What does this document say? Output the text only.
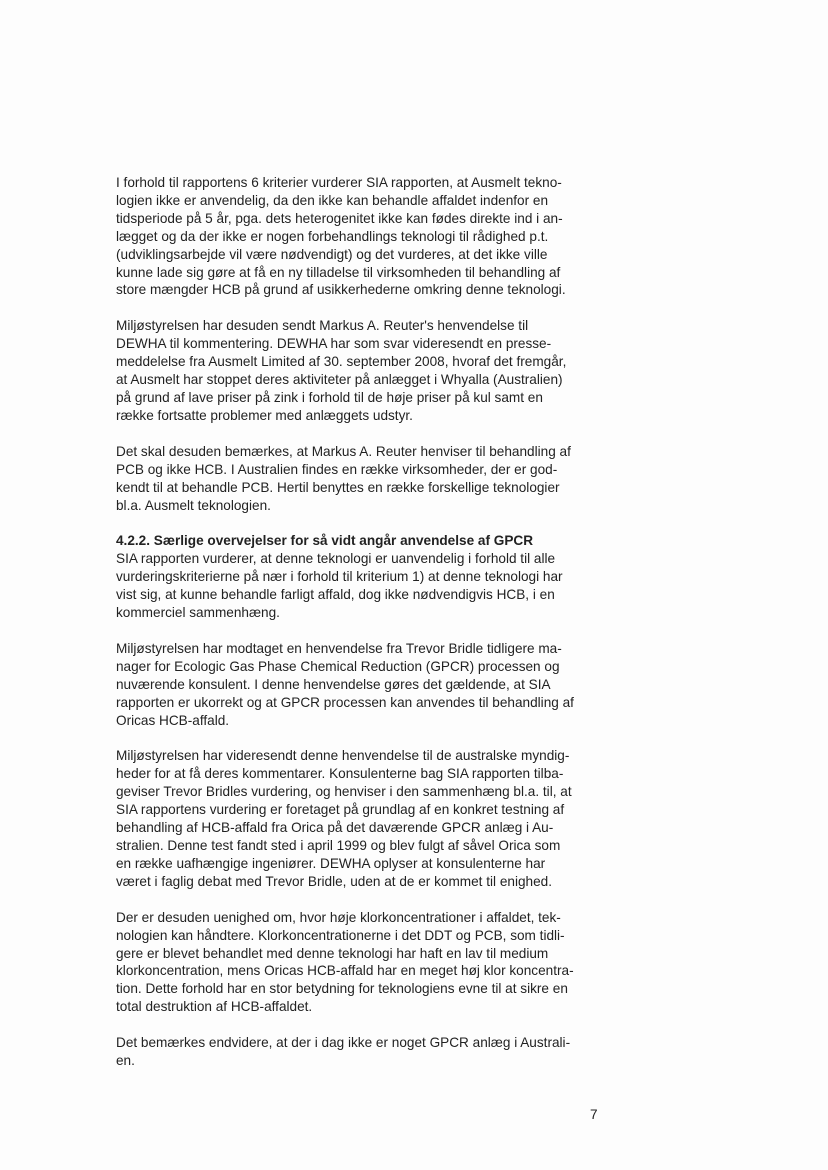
I forhold til rapportens 6 kriterier vurderer SIA rapporten, at Ausmelt tekno-
logien ikke er anvendelig, da den ikke kan behandle affaldet indenfor en
tidsperiode på 5 år, pga. dets heterogenitet ikke kan fødes direkte ind i an-
lægget og da der ikke er nogen forbehandlings teknologi til rådighed p.t.
(udviklingsarbejde vil være nødvendigt) og det vurderes, at det ikke ville
kunne lade sig gøre at få en ny tilladelse til virksomheden til behandling af
store mængder HCB på grund af usikkerhederne omkring denne teknologi.
Miljøstyrelsen har desuden sendt Markus A. Reuter's henvendelse til
DEWHA til kommentering. DEWHA har som svar videresendt en presse-
meddelelse fra Ausmelt Limited af 30. september 2008, hvoraf det fremgår,
at Ausmelt har stoppet deres aktiviteter på anlægget i Whyalla (Australien)
på grund af lave priser på zink i forhold til de høje priser på kul samt en
række fortsatte problemer med anlæggets udstyr.
Det skal desuden bemærkes, at Markus A. Reuter henviser til behandling af
PCB og ikke HCB. I Australien findes en række virksomheder, der er god-
kendt til at behandle PCB. Hertil benyttes en række forskellige teknologier
bl.a. Ausmelt teknologien.
4.2.2. Særlige overvejelser for så vidt angår anvendelse af GPCR
SIA rapporten vurderer, at denne teknologi er uanvendelig i forhold til alle
vurderingskriterierne på nær i forhold til kriterium 1) at denne teknologi har
vist sig, at kunne behandle farligt affald, dog ikke nødvendigvis HCB, i en
kommerciel sammenhæng.
Miljøstyrelsen har modtaget en henvendelse fra Trevor Bridle tidligere ma-
nager for Ecologic Gas Phase Chemical Reduction (GPCR) processen og
nuværende konsulent. I denne henvendelse gøres det gældende, at SIA
rapporten er ukorrekt og at GPCR processen kan anvendes til behandling af
Oricas HCB-affald.
Miljøstyrelsen har videresendt denne henvendelse til de australske myndig-
heder for at få deres kommentarer. Konsulenterne bag SIA rapporten tilba-
geviser Trevor Bridles vurdering, og henviser i den sammenhæng bl.a. til, at
SIA rapportens vurdering er foretaget på grundlag af en konkret testning af
behandling af HCB-affald fra Orica på det daværende GPCR anlæg i Au-
stralien. Denne test fandt sted i april 1999 og blev fulgt af såvel Orica som
en række uafhængige ingeniører. DEWHA oplyser at konsulenterne har
været i faglig debat med Trevor Bridle, uden at de er kommet til enighed.
Der er desuden uenighed om, hvor høje klorkoncentrationer i affaldet, tek-
nologien kan håndtere. Klorkoncentrationerne i det DDT og PCB, som tidli-
gere er blevet behandlet med denne teknologi har haft en lav til medium
klorkoncentration, mens Oricas HCB-affald har en meget høj klor koncentra-
tion. Dette forhold har en stor betydning for teknologiens evne til at sikre en
total destruktion af HCB-affaldet.
Det bemærkes endvidere, at der i dag ikke er noget GPCR anlæg i Australi-
en.
7
